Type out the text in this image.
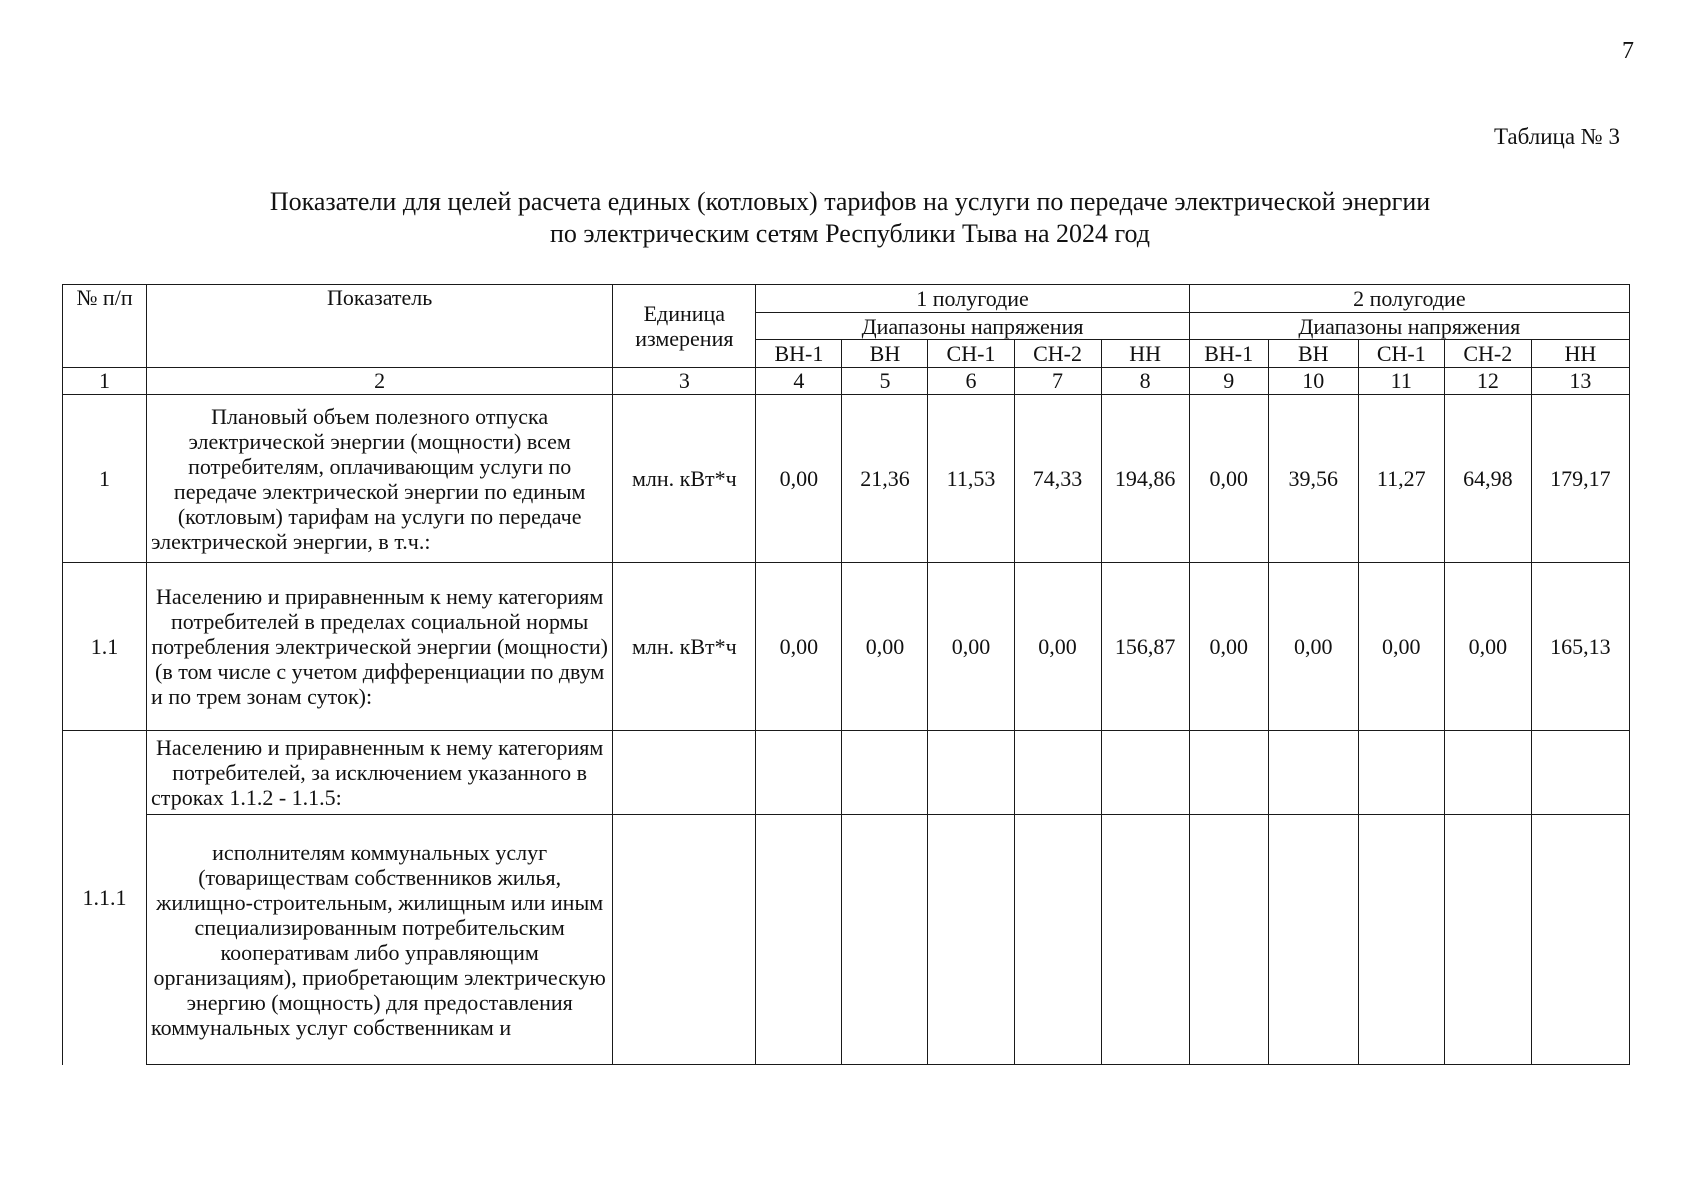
7
Таблица № 3
Показатели для целей расчета единых (котловых) тарифов на услуги по передаче электрической энергии
по электрическим сетям Республики Тыва на 2024 год
№ п/п	Показатель	Единица измерения	1 полугодие					2 полугодие				
			Диапазоны напряжения					Диапазоны напряжения				
			ВН-1	ВН	СН-1	СН-2	НН	ВН-1	ВН	СН-1	СН-2	НН
1	2	3	4	5	6	7	8	9	10	11	12	13
1	Плановый объем полезного отпуска электрической энергии (мощности) всем потребителям, оплачивающим услуги по передаче электрической энергии по единым (котловым) тарифам на услуги по передаче электрической энергии, в т.ч.:	млн. кВт*ч	0,00	21,36	11,53	74,33	194,86	0,00	39,56	11,27	64,98	179,17
1.1	Населению и приравненным к нему категориям потребителей в пределах социальной нормы потребления электрической энергии (мощности) (в том числе с учетом дифференциации по двум и по трем зонам суток):	млн. кВт*ч	0,00	0,00	0,00	0,00	156,87	0,00	0,00	0,00	0,00	165,13
1.1.1	Населению и приравненным к нему категориям потребителей, за исключением указанного в строках 1.1.2 - 1.1.5:											
	исполнителям коммунальных услуг (товариществам собственников жилья, жилищно-строительным, жилищным или иным специализированным потребительским кооперативам либо управляющим организациям), приобретающим электрическую энергию (мощность) для предоставления коммунальных услуг собственникам и											
